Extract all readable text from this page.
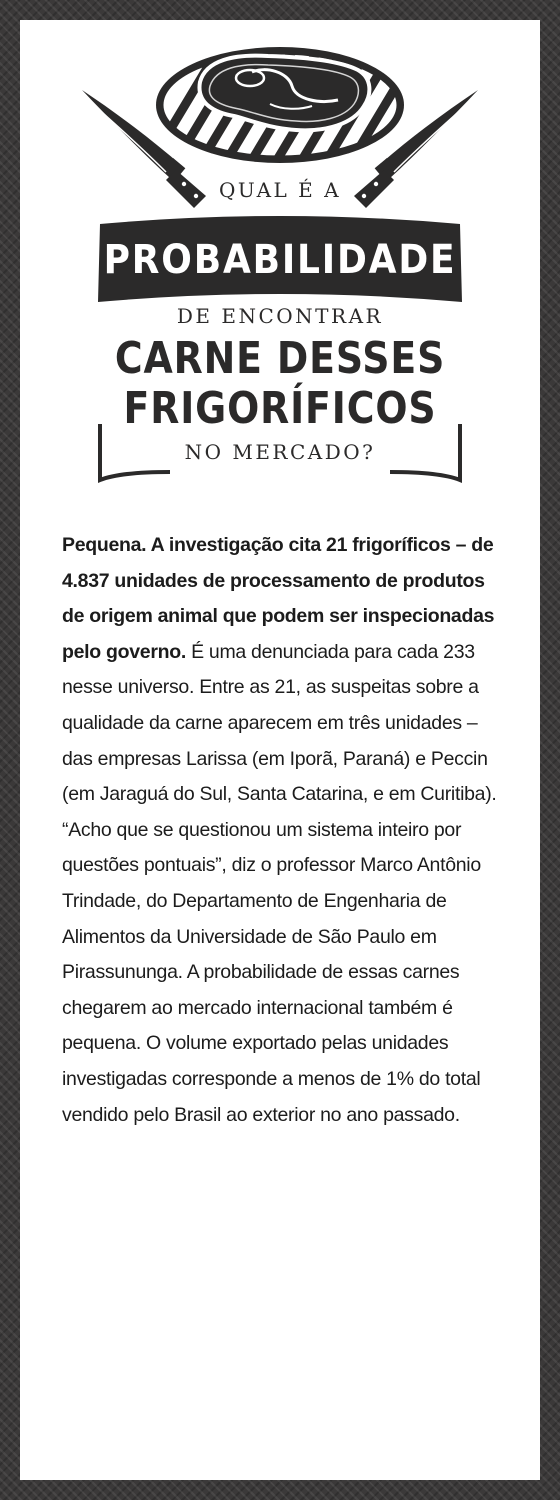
QUAL É A
PROBABILIDADE
DE ENCONTRAR
CARNE DESSES
FRIGORÍFICOS
NO MERCADO?
Pequena. A investigação cita 21 frigoríficos – de 4.837 unidades de processamento de produtos de origem animal que podem ser inspecionadas pelo governo. É uma denunciada para cada 233 nesse universo. Entre as 21, as suspeitas sobre a qualidade da carne aparecem em três unidades – das empresas Larissa (em Iporã, Paraná) e Peccin (em Jaraguá do Sul, Santa Catarina, e em Curitiba). “Acho que se questionou um sistema inteiro por questões pontuais”, diz o professor Marco Antônio Trindade, do Departamento de Engenharia de Alimentos da Universidade de São Paulo em Pirassununga. A probabilidade de essas carnes chegarem ao mercado internacional também é pequena. O volume exportado pelas unidades investigadas corresponde a menos de 1% do total vendido pelo Brasil ao exterior no ano passado.
